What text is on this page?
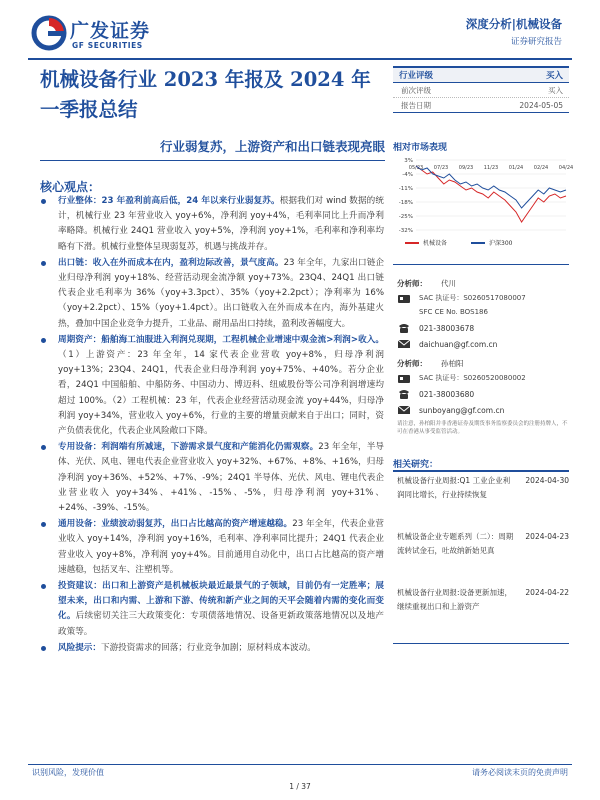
广发证券
GF SECURITIES
深度分析|机械设备
证券研究报告
机械设备行业 2023 年报及 2024 年一季报总结
行业弱复苏，上游资产和出口链表现亮眼
核心观点：
行业整体：23 年盈利前高后低，24 年以来行业弱复苏。根据我们对 wind 数据的统计，机械行业 23 年营业收入 yoy+6%，净利润 yoy+4%，毛利率同比上升而净利率略降。机械行业 24Q1 营业收入 yoy+5%，净利润 yoy+1%，毛利率和净利率均略有下滑。机械行业整体呈现弱复苏，机遇与挑战并存。
出口链：收入在外而成本在内，盈利边际改善，景气度高。23 年全年，九家出口链企业归母净利润 yoy+18%、经营活动现金流净额 yoy+73%。23Q4、24Q1 出口链代表企业毛利率为 36%（yoy+3.3pct）、35%（yoy+2.2pct）；净利率为 16%（yoy+2.2pct）、15%（yoy+1.4pct）。出口链收入在外而成本在内，海外基建火热，叠加中国企业竞争力提升，工业品、耐用品出口持续，盈利改善幅度大。
周期资产：船舶海工油服进入利润兑现期，工程机械企业增速中观金流>利润>收入。（1）上游资产：23 年全年，14 家代表企业营收 yoy+8%，归母净利润 yoy+13%；23Q4、24Q1，代表企业归母净利润 yoy+75%、+40%。若分企业看，24Q1 中国船舶、中船防务、中国动力、博迈科、纽威股份等公司净利润增速均超过 100%。（2）工程机械：23 年，代表企业经营活动现金流 yoy+44%，归母净利润 yoy+34%，营业收入 yoy+6%，行业的主要的增量贡献来自于出口；同时，资产负债表优化，代表企业风险敞口下降。
专用设备：利润端有所减速，下游需求景气度和产能消化仍需观察。23 年全年，半导体、光伏、风电、锂电代表企业营业收入 yoy+32%、+67%、+8%、+16%，归母净利润 yoy+36%、+52%、+7%、-9%；24Q1 半导体、光伏、风电、锂电代表企业营业收入 yoy+34%、+41%、-15%、-5%，归母净利润 yoy+31%、+24%、-39%、-15%。
通用设备：业绩波动弱复苏，出口占比越高的资产增速越稳。23 年全年，代表企业营业收入 yoy+14%，净利润 yoy+16%，毛利率、净利率同比提升；24Q1 代表企业营业收入 yoy+8%，净利润 yoy+4%。目前通用自动化中，出口占比越高的资产增速越稳，包括叉车、注塑机等。
投资建议：出口和上游资产是机械板块最近最景气的子领域，目前仍有一定胜率；展望未来，出口和内需、上游和下游、传统和新产业之间的天平会随着内需的变化而变化。后续密切关注三大政策变化：专项债落地情况、设备更新政策落地情况以及地产政策等。
风险提示：下游投资需求的回落；行业竞争加剧；原材料成本波动。
行业评级	买入
前次评级	买入
报告日期	2024-05-05
相对市场表现
3%
-4%
-11%
-18%
-25%
-32%
05/23 07/23 09/23 11/23 01/24 02/24 04/24
机械设备	沪深300
分析师： 代川
SAC 执证号：S0260517080007
SFC CE No. BOS186
021-38003678
daichuan@gf.com.cn
分析师： 孙柏阳
SAC 执证号：S0260520080002
021-38003680
sunboyang@gf.com.cn
请注意，孙柏阳并非香港证券及期货事务监察委员会的注册持牌人，不可在香港从事受监管活动。
相关研究：
机械设备行业周报:Q1 工业企业利润同比增长，行业持续恢复
2024-04-30
机械设备企业专题系列（二）：周期流转试金石，吐故纳新始见真
2024-04-23
机械设备行业周报:设备更新加速，继续重视出口和上游资产
2024-04-22
识别风险，发现价值	请务必阅读末页的免责声明
1 / 37
